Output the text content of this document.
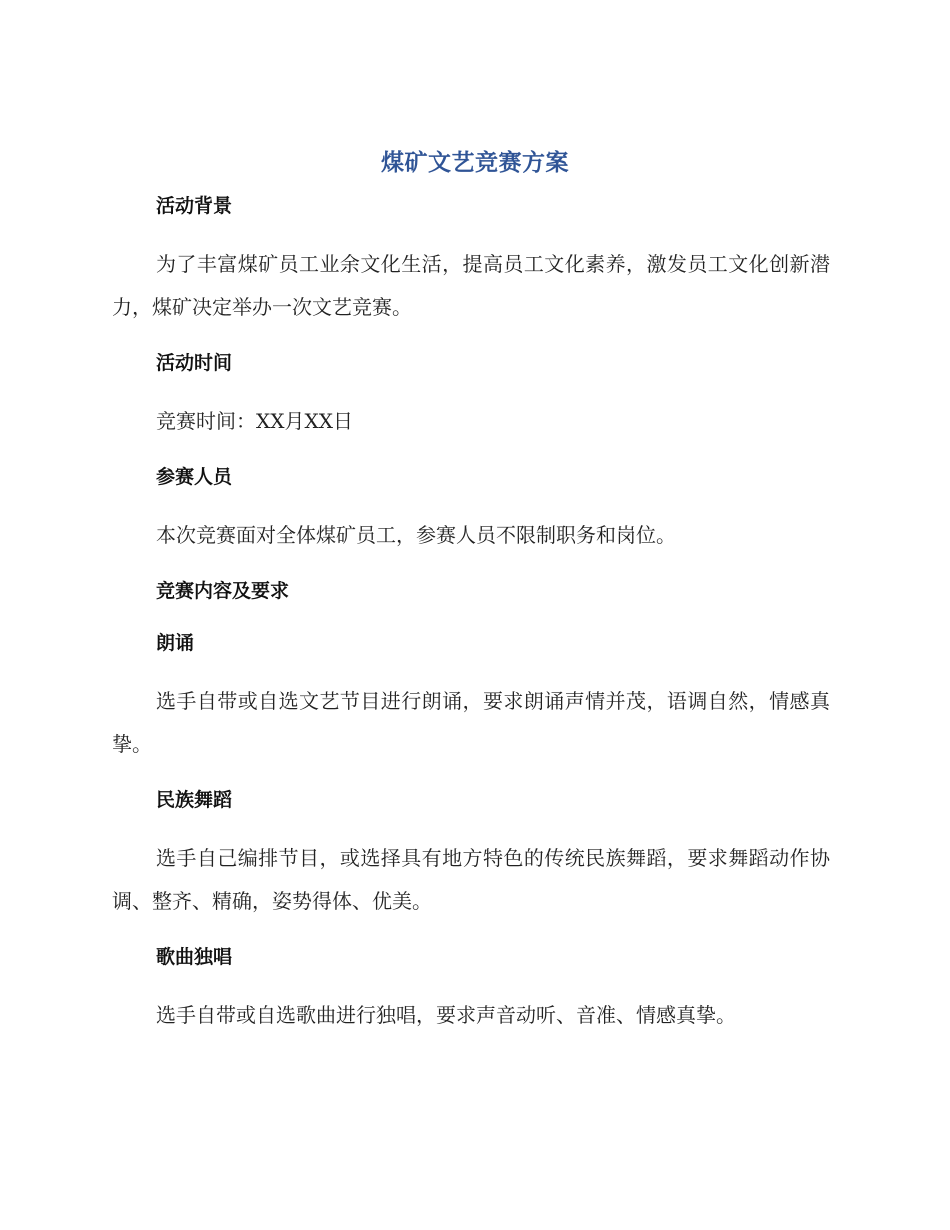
煤矿文艺竞赛方案
活动背景

为了丰富煤矿员工业余文化生活，提高员工文化素养，激发员工文化创新潜力，煤矿决定举办一次文艺竞赛。

活动时间

竞赛时间：XX月XX日

参赛人员

本次竞赛面对全体煤矿员工，参赛人员不限制职务和岗位。

竞赛内容及要求
朗诵

选手自带或自选文艺节目进行朗诵，要求朗诵声情并茂，语调自然，情感真挚。

民族舞蹈

选手自己编排节目，或选择具有地方特色的传统民族舞蹈，要求舞蹈动作协调、整齐、精确，姿势得体、优美。

歌曲独唱

选手自带或自选歌曲进行独唱，要求声音动听、音准、情感真挚。
